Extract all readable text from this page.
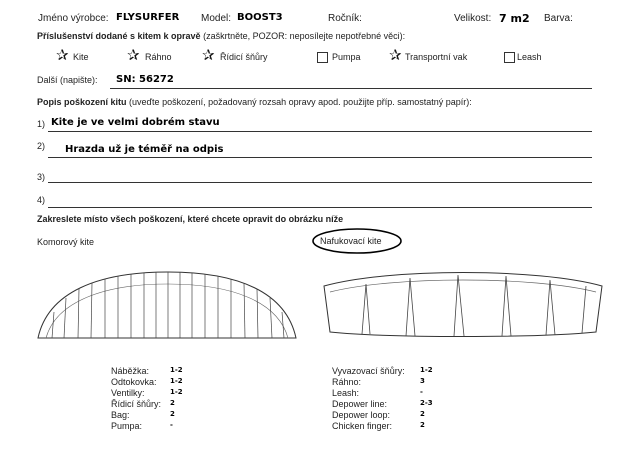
Jméno výrobce: FLYSURFER Model: BOOST3	Ročník:	Velikost: 7 m2 Barva:
Příslušenství dodané s kitem k opravě (zaškrtněte, POZOR: neposílejte nepotřebné věci):
✰ Kite	✰ Ráhno ✰ Řídicí šňůry	Pumpa ✰ Transportní vak	Leash
Další (napište): SN: 56272
Popis poškození kitu (uveďte poškození, požadovaný rozsah opravy apod. použijte příp. samostatný papír):
1) Kite je ve velmi dobrém stavu
2) Hrazda už je téměř na odpis
3)
4)
Zakreslete místo všech poškození, které chcete opravit do obrázku níže
Komorový kite	Nafukovací kite
Náběžka:	1-2
Odtokovka: 1-2
Ventilky:	1-2
Řídicí šňůry: 2
Bag:	2
Pumpa:	-
Vyvazovací šňůry: 1-2
Ráhno:	3
Leash:	-
Depower line:	2-3
Depower loop:	2
Chicken finger:	2
